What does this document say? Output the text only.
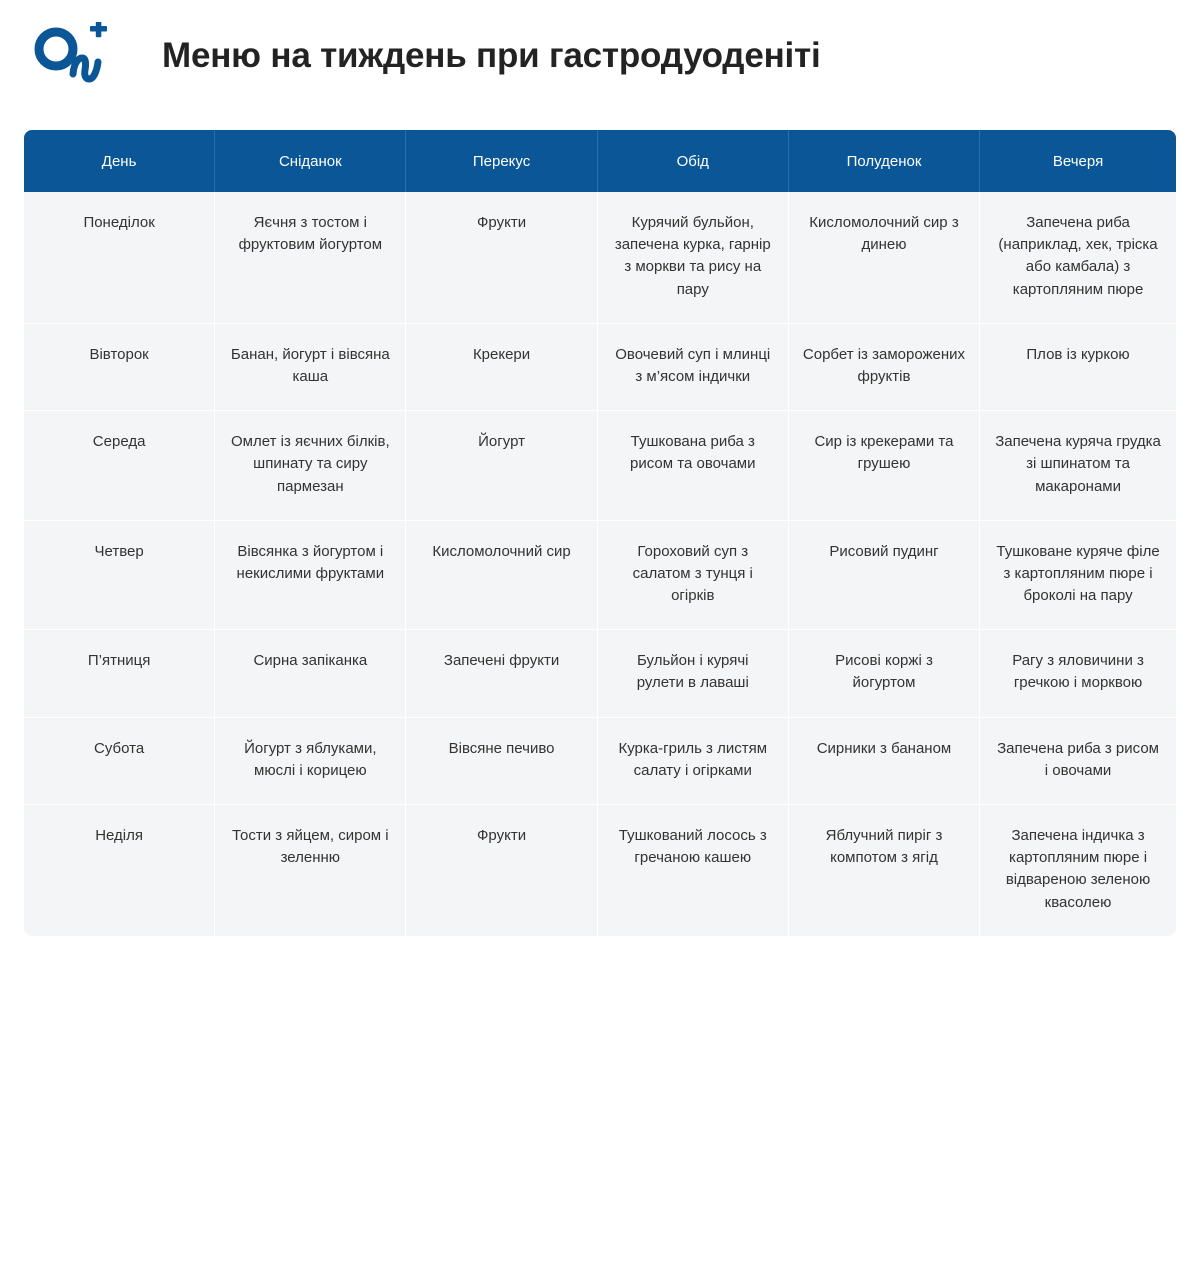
Меню на тиждень при гастродуоденіті
День	Сніданок	Перекус	Обід	Полуденок	Вечеря
Понеділок	Яєчня з тостом і фруктовим йогуртом	Фрукти	Курячий бульйон, запечена курка, гарнір з моркви та рису на пару	Кисломолочний сир з динею	Запечена риба (наприклад, хек, тріска або камбала) з картопляним пюре
Вівторок	Банан, йогурт і вівсяна каша	Крекери	Овочевий суп і млинці з м’ясом індички	Сорбет із заморожених фруктів	Плов із куркою
Середа	Омлет із яєчних білків, шпинату та сиру пармезан	Йогурт	Тушкована риба з рисом та овочами	Сир із крекерами та грушею	Запечена куряча грудка зі шпинатом та макаронами
Четвер	Вівсянка з йогуртом і некислими фруктами	Кисломолочний сир	Гороховий суп з салатом з тунця і огірків	Рисовий пудинг	Тушковане куряче філе з картопляним пюре і броколі на пару
П’ятниця	Сирна запіканка	Запечені фрукти	Бульйон і курячі рулети в лаваші	Рисові коржі з йогуртом	Рагу з яловичини з гречкою і морквою
Субота	Йогурт з яблуками, мюслі і корицею	Вівсяне печиво	Курка-гриль з листям салату і огірками	Сирники з бананом	Запечена риба з рисом і овочами
Неділя	Тости з яйцем, сиром і зеленню	Фрукти	Тушкований лосось з гречаною кашею	Яблучний пиріг з компотом з ягід	Запечена індичка з картопляним пюре і відвареною зеленою квасолею
